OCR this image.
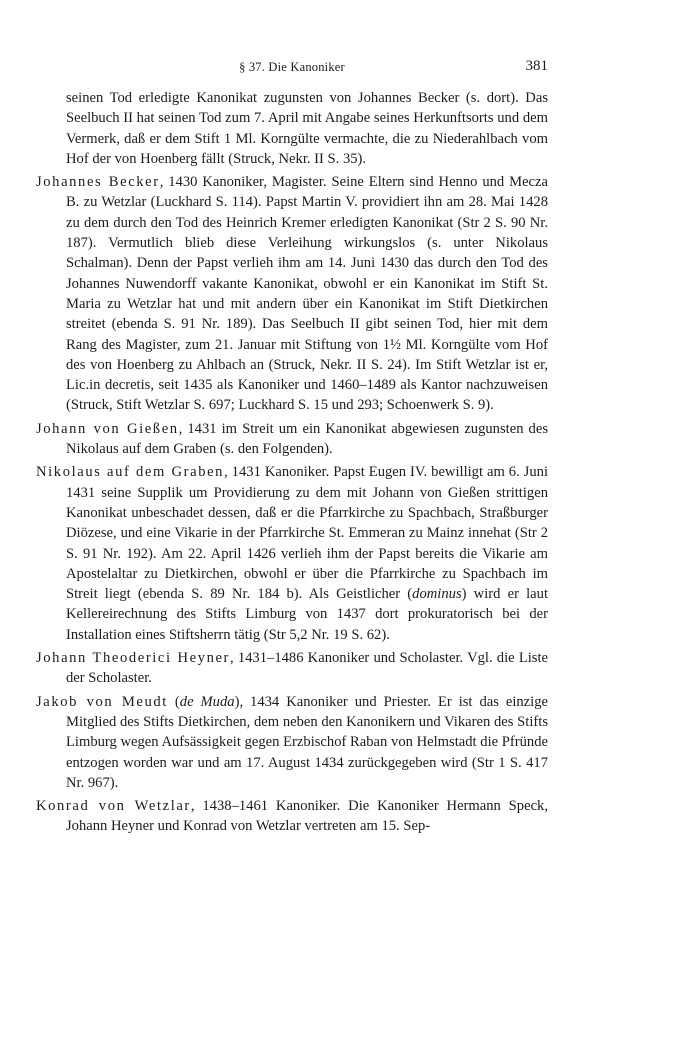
§ 37. Die Kanoniker	381

seinen Tod erledigte Kanonikat zugunsten von Johannes Becker (s. dort). Das Seelbuch II hat seinen Tod zum 7. April mit Angabe seines Herkunftsorts und dem Vermerk, daß er dem Stift 1 Ml. Korngülte vermachte, die zu Niederahlbach vom Hof der von Hoenberg fällt (Struck, Nekr. II S. 35).

Johannes Becker, 1430 Kanoniker, Magister. Seine Eltern sind Henno und Mecza B. zu Wetzlar (Luckhard S. 114). Papst Martin V. providiert ihn am 28. Mai 1428 zu dem durch den Tod des Heinrich Kremer erledigten Kanonikat (Str 2 S. 90 Nr. 187). Vermutlich blieb diese Verleihung wirkungslos (s. unter Nikolaus Schalman). Denn der Papst verlieh ihm am 14. Juni 1430 das durch den Tod des Johannes Nuwendorff vakante Kanonikat, obwohl er ein Kanonikat im Stift St. Maria zu Wetzlar hat und mit andern über ein Kanonikat im Stift Dietkirchen streitet (ebenda S. 91 Nr. 189). Das Seelbuch II gibt seinen Tod, hier mit dem Rang des Magister, zum 21. Januar mit Stiftung von 1½ Ml. Korngülte vom Hof des von Hoenberg zu Ahlbach an (Struck, Nekr. II S. 24). Im Stift Wetzlar ist er, Lic.in decretis, seit 1435 als Kanoniker und 1460–1489 als Kantor nachzuweisen (Struck, Stift Wetzlar S. 697; Luckhard S. 15 und 293; Schoenwerk S. 9).

Johann von Gießen, 1431 im Streit um ein Kanonikat abgewiesen zugunsten des Nikolaus auf dem Graben (s. den Folgenden).

Nikolaus auf dem Graben, 1431 Kanoniker. Papst Eugen IV. bewilligt am 6. Juni 1431 seine Supplik um Providierung zu dem mit Johann von Gießen strittigen Kanonikat unbeschadet dessen, daß er die Pfarrkirche zu Spachbach, Straßburger Diözese, und eine Vikarie in der Pfarrkirche St. Emmeran zu Mainz innehat (Str 2 S. 91 Nr. 192). Am 22. April 1426 verlieh ihm der Papst bereits die Vikarie am Apostelaltar zu Dietkirchen, obwohl er über die Pfarrkirche zu Spachbach im Streit liegt (ebenda S. 89 Nr. 184 b). Als Geistlicher (dominus) wird er laut Kellereirechnung des Stifts Limburg von 1437 dort prokuratorisch bei der Installation eines Stiftsherrn tätig (Str 5,2 Nr. 19 S. 62).

Johann Theoderici Heyner, 1431–1486 Kanoniker und Scholaster. Vgl. die Liste der Scholaster.

Jakob von Meudt (de Muda), 1434 Kanoniker und Priester. Er ist das einzige Mitglied des Stifts Dietkirchen, dem neben den Kanonikern und Vikaren des Stifts Limburg wegen Aufsässigkeit gegen Erzbischof Raban von Helmstadt die Pfründe entzogen worden war und am 17. August 1434 zurückgegeben wird (Str 1 S. 417 Nr. 967).

Konrad von Wetzlar, 1438–1461 Kanoniker. Die Kanoniker Hermann Speck, Johann Heyner und Konrad von Wetzlar vertreten am 15. Sep-
